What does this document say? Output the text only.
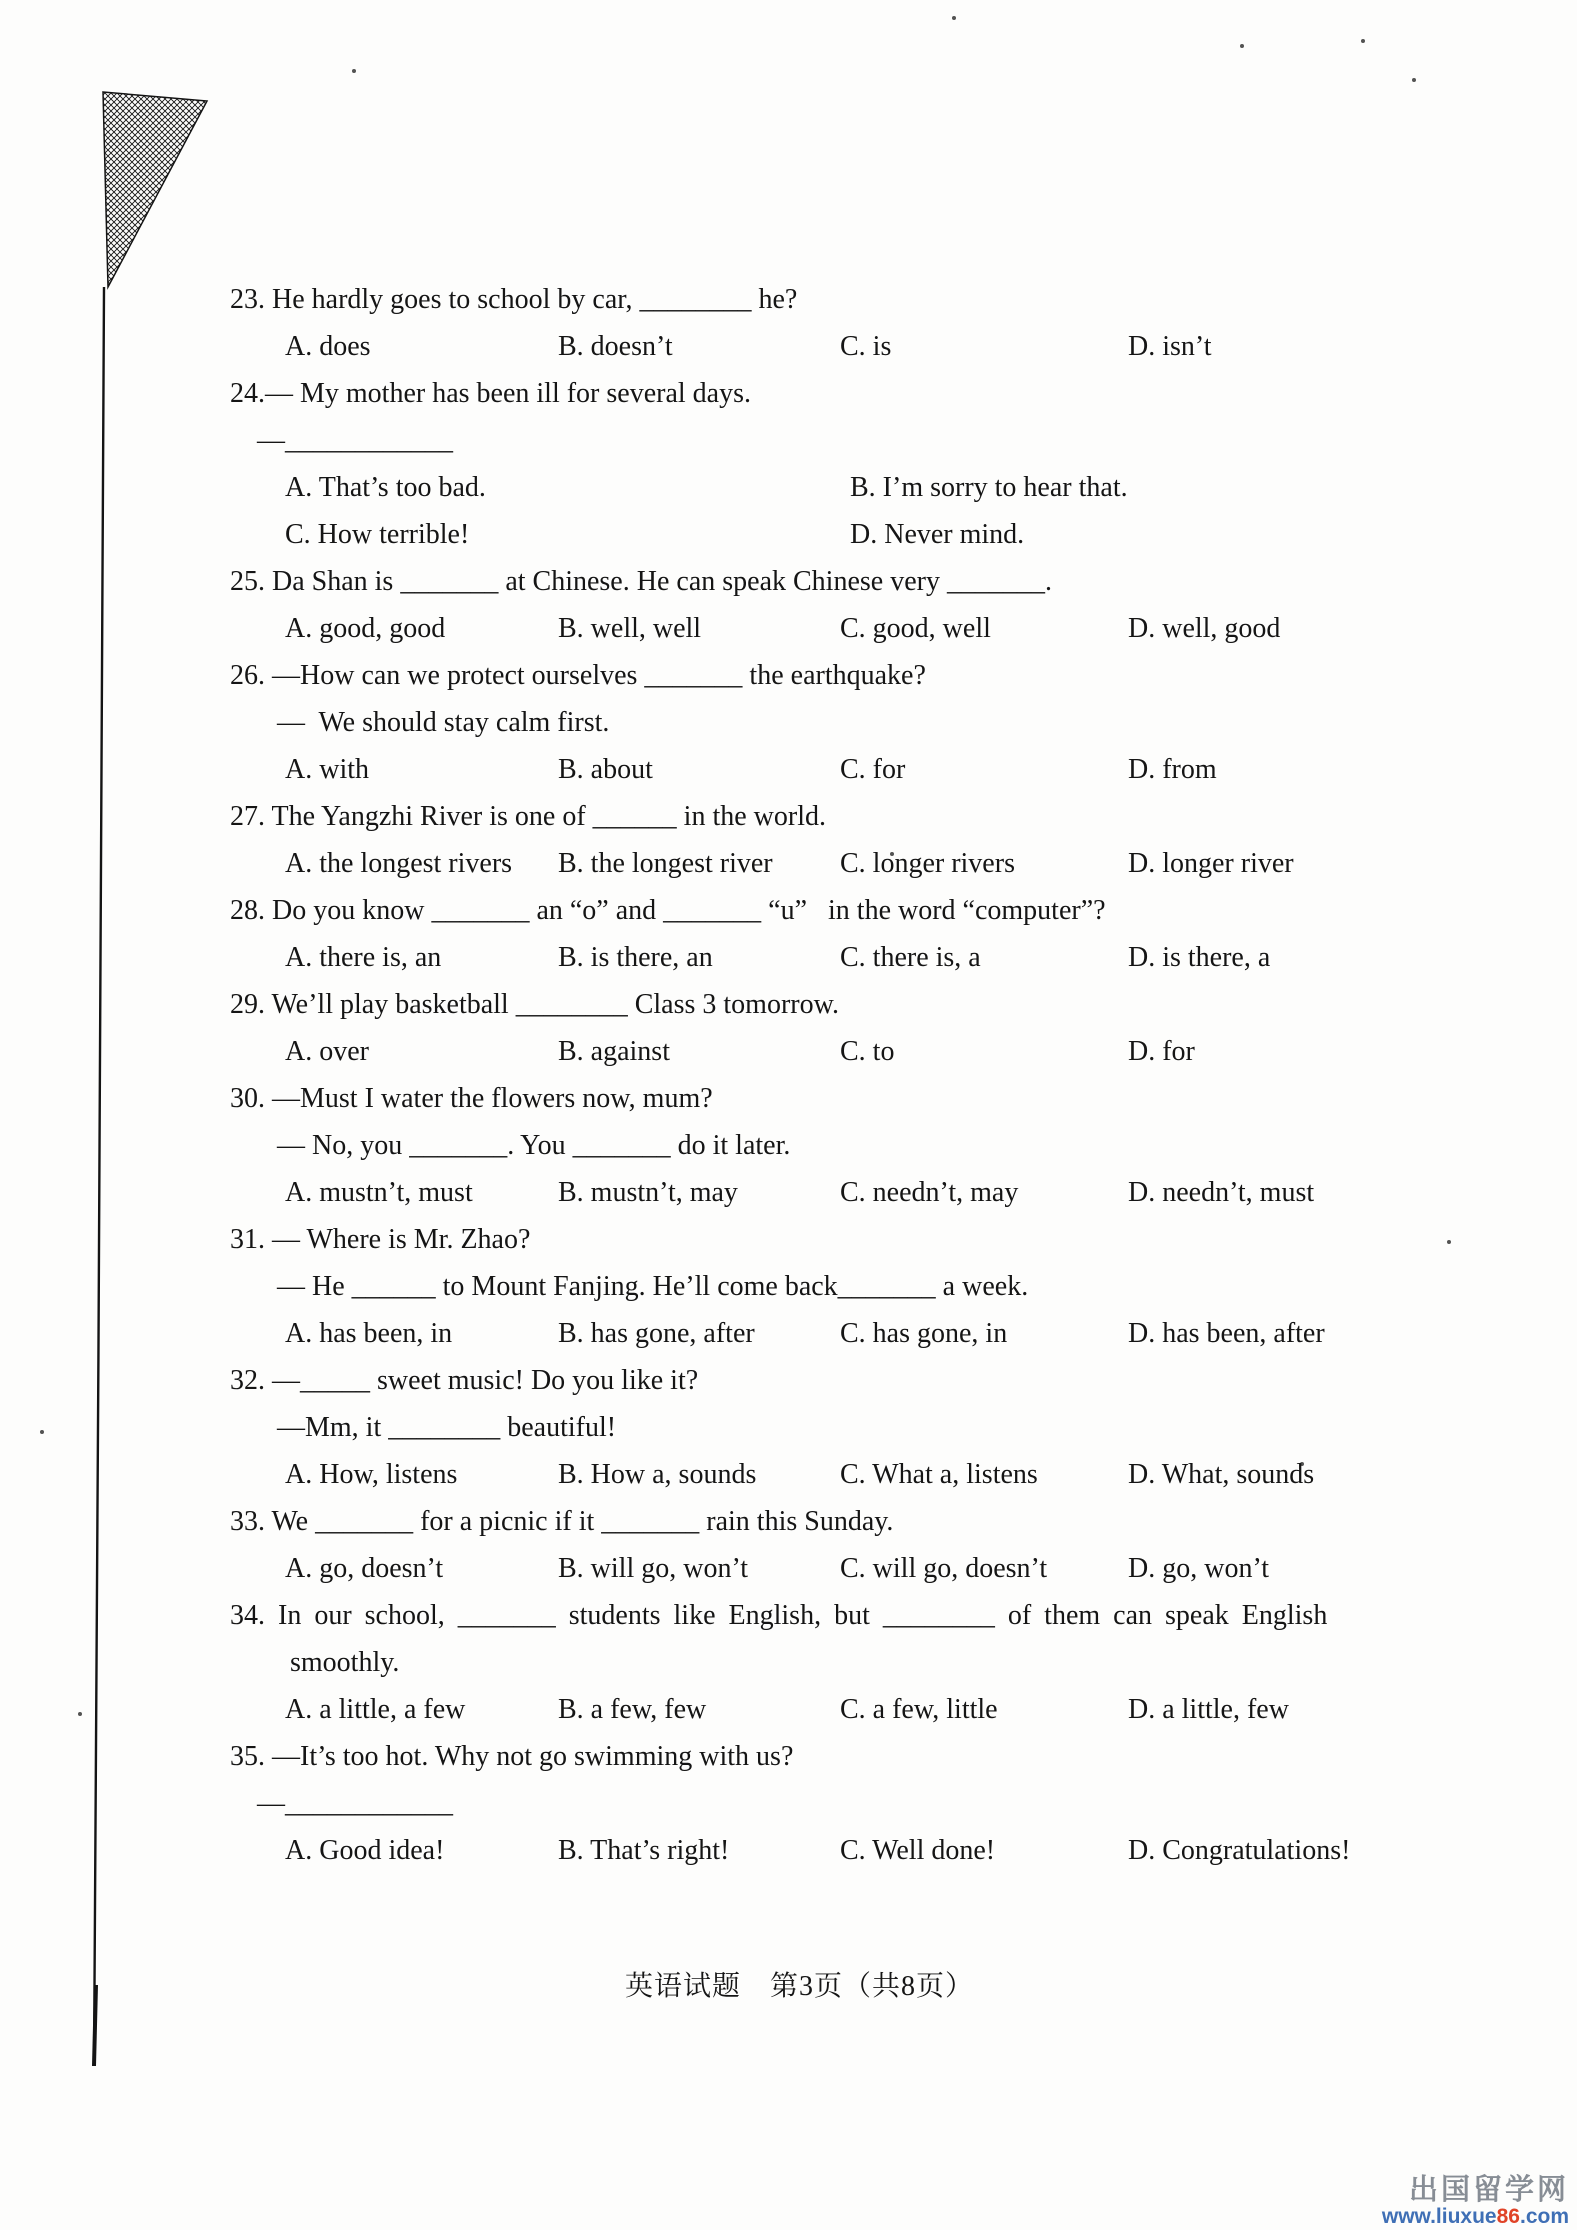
23. He hardly goes to school by car, ________ he?
A. does	B. doesn’t	C. is	D. isn’t
24.— My mother has been ill for several days.
—____________
A. That’s too bad.	B. I’m sorry to hear that.
C. How terrible!	D. Never mind.
25. Da Shan is _______ at Chinese. He can speak Chinese very _______.
A. good, good	B. well, well	C. good, well	D. well, good
26. —How can we protect ourselves _______ the earthquake?
—  We should stay calm first.
A. with	B. about	C. for	D. from
27. The Yangzhi River is one of ______ in the world.
A. the longest rivers B. the longest river C. longer rivers	D. longer river
28. Do you know _______ an “o” and _______ “u”   in the word “computer”?
A. there is, an	B. is there, an	C. there is, a	D. is there, a
29. We’ll play basketball ________ Class 3 tomorrow.
A. over	B. against	C. to	D. for
30. —Must I water the flowers now, mum?
— No, you _______. You _______ do it later.
A. mustn’t, must	B. mustn’t, may	C. needn’t, may	D. needn’t, must
31. — Where is Mr. Zhao?
— He ______ to Mount Fanjing. He’ll come back_______ a week.
A. has been, in	B. has gone, after	C. has gone, in	D. has been, after
32. —_____ sweet music! Do you like it?
—Mm, it ________ beautiful!
A. How, listens	B. How a, sounds	C. What a, listens	D. What, sounds
33. We _______ for a picnic if it _______ rain this Sunday.
A. go, doesn’t	B. will go, won’t	C. will go, doesn’t	D. go, won’t
34. In our school, _______ students like English, but ________ of them can speak English
smoothly.
A. a little, a few	B. a few, few	C. a few, little	D. a little, few
35. —It’s too hot. Why not go swimming with us?
—____________
A. Good idea!	B. That’s right!	C. Well done!	D. Congratulations!
英语试题　第3页（共8页）
出国留学网
www.liuxue86.com
